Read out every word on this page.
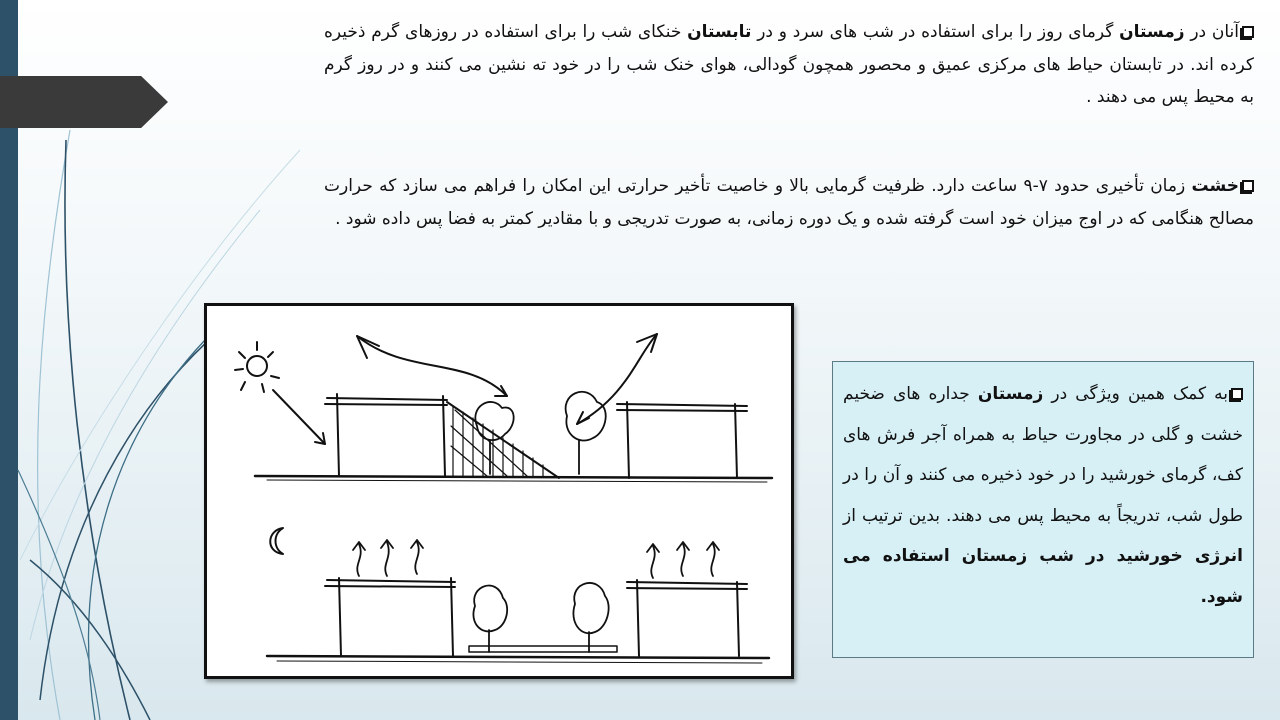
آنان در زمستان گرمای روز را برای استفاده در شب های سرد و در تابستان خنکای شب را برای استفاده در روزهای گرم ذخیره کرده اند. در تابستان حیاط های مرکزی عمیق و محصور همچون گودالی، هوای خنک شب را در خود ته نشین می کنند و در روز گرم به محیط پس می دهند .
خشت زمان تأخیری حدود ۷-۹ ساعت دارد. ظرفیت گرمایی بالا و خاصیت تأخیر حرارتی این امکان را فراهم می سازد که حرارت مصالح هنگامی که در اوج میزان خود است گرفته شده و یک دوره زمانی، به صورت تدریجی و با مقادیر کمتر به فضا پس داده شود .
به کمک همین ویژگی در زمستان جداره های ضخیم خشت و گلی در مجاورت حیاط به همراه آجر فرش های کف، گرمای خورشید را در خود ذخیره می کنند و آن را در طول شب، تدریجاً به محیط پس می دهند. بدین ترتیب از انرژی خورشید در شب زمستان استفاده می شود.
